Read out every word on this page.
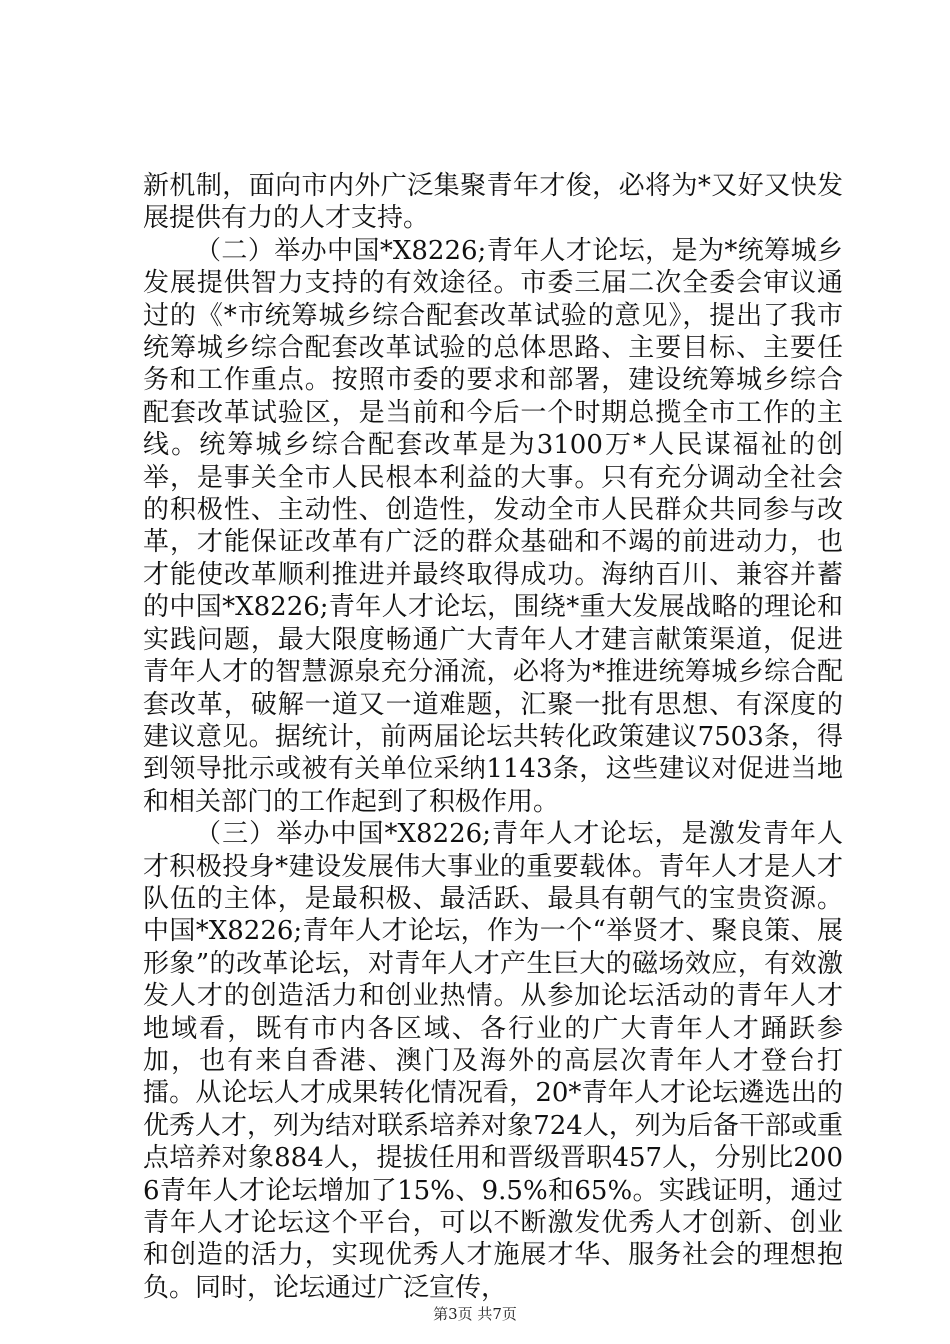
新机制，面向市内外广泛集聚青年才俊，必将为*又好又快发展提供有力的人才支持。

（二）举办中国*X8226;青年人才论坛，是为*统筹城乡发展提供智力支持的有效途径。市委三届二次全委会审议通过的《*市统筹城乡综合配套改革试验的意见》，提出了我市统筹城乡综合配套改革试验的总体思路、主要目标、主要任务和工作重点。按照市委的要求和部署，建设统筹城乡综合配套改革试验区，是当前和今后一个时期总揽全市工作的主线。统筹城乡综合配套改革是为3100万*人民谋福祉的创举，是事关全市人民根本利益的大事。只有充分调动全社会的积极性、主动性、创造性，发动全市人民群众共同参与改革，才能保证改革有广泛的群众基础和不竭的前进动力，也才能使改革顺利推进并最终取得成功。海纳百川、兼容并蓄的中国*X8226;青年人才论坛，围绕*重大发展战略的理论和实践问题，最大限度畅通广大青年人才建言献策渠道，促进青年人才的智慧源泉充分涌流，必将为*推进统筹城乡综合配套改革，破解一道又一道难题，汇聚一批有思想、有深度的建议意见。据统计，前两届论坛共转化政策建议7503条，得到领导批示或被有关单位采纳1143条，这些建议对促进当地和相关部门的工作起到了积极作用。

（三）举办中国*X8226;青年人才论坛，是激发青年人才积极投身*建设发展伟大事业的重要载体。青年人才是人才队伍的主体，是最积极、最活跃、最具有朝气的宝贵资源。中国*X8226;青年人才论坛，作为一个“举贤才、聚良策、展形象”的改革论坛，对青年人才产生巨大的磁场效应，有效激发人才的创造活力和创业热情。从参加论坛活动的青年人才地域看，既有市内各区域、各行业的广大青年人才踊跃参加，也有来自香港、澳门及海外的高层次青年人才登台打擂。从论坛人才成果转化情况看，20*青年人才论坛遴选出的优秀人才，列为结对联系培养对象724人，列为后备干部或重点培养对象884人，提拔任用和晋级晋职457人，分别比2006青年人才论坛增加了15%、9.5%和65%。实践证明，通过青年人才论坛这个平台，可以不断激发优秀人才创新、创业和创造的活力，实现优秀人才施展才华、服务社会的理想抱负。同时，论坛通过广泛宣传，

第3页 共7页
